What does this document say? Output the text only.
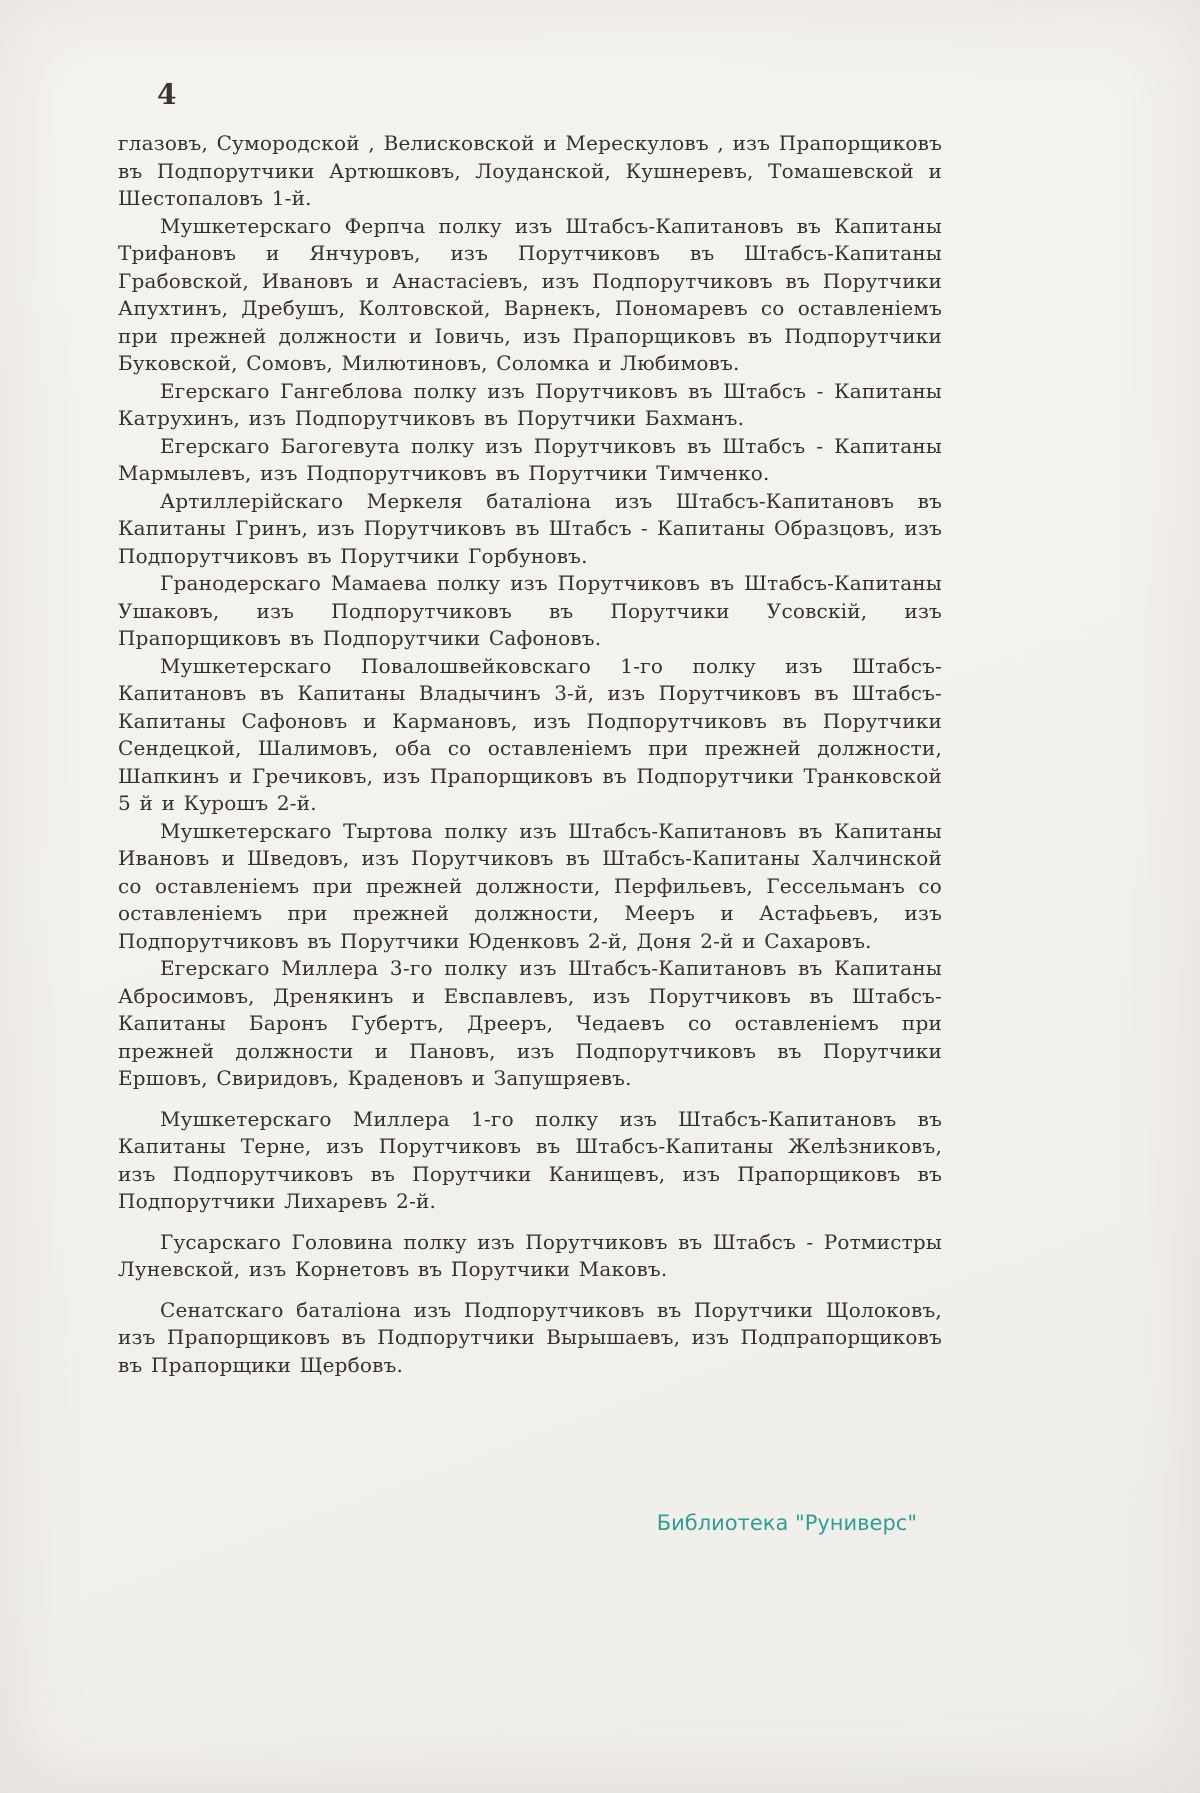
4

глазовъ, Сумородской , Велисковской и Мерескуловъ , изъ Прапорщиковъ въ Подпорутчики Артюшковъ, Лоуданской, Кушнеревъ, Томашевской и Шестопаловъ 1-й.

Мушкетерскаго Ферпча полку изъ Штабсъ-Капитановъ въ Капитаны Трифановъ и Янчуровъ, изъ Порутчиковъ въ Штабсъ-Капитаны Грабовской, Ивановъ и Анастасіевъ, изъ Подпорутчиковъ въ Порутчики Апухтинъ, Дребушъ, Колтовской, Варнекъ, Пономаревъ со оставленіемъ при прежней должности и Іовичь, изъ Прапорщиковъ въ Подпорутчики Буковской, Сомовъ, Милютиновъ, Соломка и Любимовъ.

Егерскаго Гангеблова полку изъ Порутчиковъ въ Штабсъ - Капитаны Катрухинъ, изъ Подпорутчиковъ въ Порутчики Бахманъ.

Егерскаго Багогевута полку изъ Порутчиковъ въ Штабсъ - Капитаны Мармылевъ, изъ Подпорутчиковъ въ Порутчики Тимченко.

Артиллерійскаго Меркеля баталіона изъ Штабсъ-Капитановъ въ Капитаны Гринъ, изъ Порутчиковъ въ Штабсъ - Капитаны Образцовъ, изъ Подпорутчиковъ въ Порутчики Горбуновъ.

Гранодерскаго Мамаева полку изъ Порутчиковъ въ Штабсъ-Капитаны Ушаковъ, изъ Подпорутчиковъ въ Порутчики Усовскій, изъ Прапорщиковъ въ Подпорутчики Сафоновъ.

Мушкетерскаго Повалошвейковскаго 1-го полку изъ Штабсъ-Капитановъ въ Капитаны Владычинъ 3-й, изъ Порутчиковъ въ Штабсъ-Капитаны Сафоновъ и Кармановъ, изъ Подпорутчиковъ въ Порутчики Сендецкой, Шалимовъ, оба со оставленіемъ при прежней должности, Шапкинъ и Гречиковъ, изъ Прапорщиковъ въ Подпорутчики Транковской 5 й и Курошъ 2-й.

Мушкетерскаго Тыртова полку изъ Штабсъ-Капитановъ въ Капитаны Ивановъ и Шведовъ, изъ Порутчиковъ въ Штабсъ-Капитаны Халчинской со оставленіемъ при прежней должности, Перфильевъ, Гессельманъ со оставленіемъ при прежней должности, Мееръ и Астафьевъ, изъ Подпорутчиковъ въ Порутчики Юденковъ 2-й, Доня 2-й и Сахаровъ.

Егерскаго Миллера 3-го полку изъ Штабсъ-Капитановъ въ Капитаны Абросимовъ, Дренякинъ и Евспавлевъ, изъ Порутчиковъ въ Штабсъ-Капитаны Баронъ Губертъ, Дрееръ, Чедаевъ со оставленіемъ при прежней должности и Пановъ, изъ Подпорутчиковъ въ Порутчики Ершовъ, Свиридовъ, Краденовъ и Запушряевъ.

Мушкетерскаго Миллера 1-го полку изъ Штабсъ-Капитановъ въ Капитаны Терне, изъ Порутчиковъ въ Штабсъ-Капитаны Желѣзниковъ, изъ Подпорутчиковъ въ Порутчики Канищевъ, изъ Прапорщиковъ въ Подпорутчики Лихаревъ 2-й.

Гусарскаго Головина полку изъ Порутчиковъ въ Штабсъ - Ротмистры Луневской, изъ Корнетовъ въ Порутчики Маковъ.

Сенатскаго баталіона изъ Подпорутчиковъ въ Порутчики Щолоковъ, изъ Прапорщиковъ въ Подпорутчики Вырышаевъ, изъ Подпрапорщиковъ въ Прапорщики Щербовъ.

Библиотека "Руниверс"
